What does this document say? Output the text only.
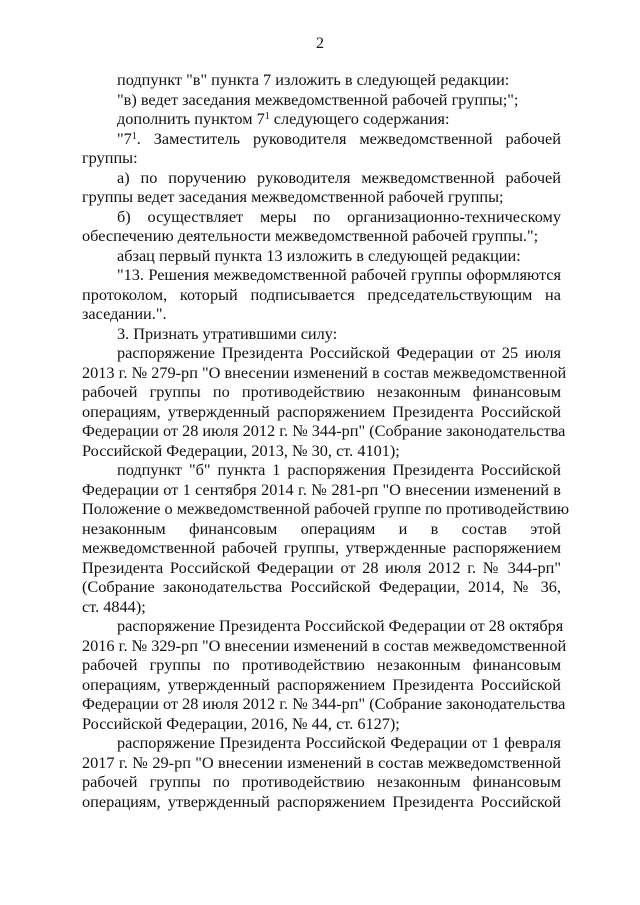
2
подпункт "в" пункта 7 изложить в следующей редакции:
"в) ведет заседания межведомственной рабочей группы;";
дополнить пунктом $7^1$ следующего содержания:
"$7^1$. Заместитель руководителя межведомственной рабочей
группы:
а) по поручению руководителя межведомственной рабочей
группы ведет заседания межведомственной рабочей группы;
б) осуществляет меры по организационно-техническому
обеспечению деятельности межведомственной рабочей группы.";
абзац первый пункта 13 изложить в следующей редакции:
"13. Решения межведомственной рабочей группы оформляются
протоколом, который подписывается председательствующим на
заседании.".
3. Признать утратившими силу:
распоряжение Президента Российской Федерации от 25 июля
2013 г. № 279-рп "О внесении изменений в состав межведомственной
рабочей группы по противодействию незаконным финансовым
операциям, утвержденный распоряжением Президента Российской
Федерации от 28 июля 2012 г. № 344-рп" (Собрание законодательства
Российской Федерации, 2013, № 30, ст. 4101);
подпункт "б" пункта 1 распоряжения Президента Российской
Федерации от 1 сентября 2014 г. № 281-рп "О внесении изменений в
Положение о межведомственной рабочей группе по противодействию
незаконным финансовым операциям и в состав этой
межведомственной рабочей группы, утвержденные распоряжением
Президента Российской Федерации от 28 июля 2012 г. № 344-рп"
(Собрание законодательства Российской Федерации, 2014, № 36,
ст. 4844);
распоряжение Президента Российской Федерации от 28 октября
2016 г. № 329-рп "О внесении изменений в состав межведомственной
рабочей группы по противодействию незаконным финансовым
операциям, утвержденный распоряжением Президента Российской
Федерации от 28 июля 2012 г. № 344-рп" (Собрание законодательства
Российской Федерации, 2016, № 44, ст. 6127);
распоряжение Президента Российской Федерации от 1 февраля
2017 г. № 29-рп "О внесении изменений в состав межведомственной
рабочей группы по противодействию незаконным финансовым
операциям, утвержденный распоряжением Президента Российской
